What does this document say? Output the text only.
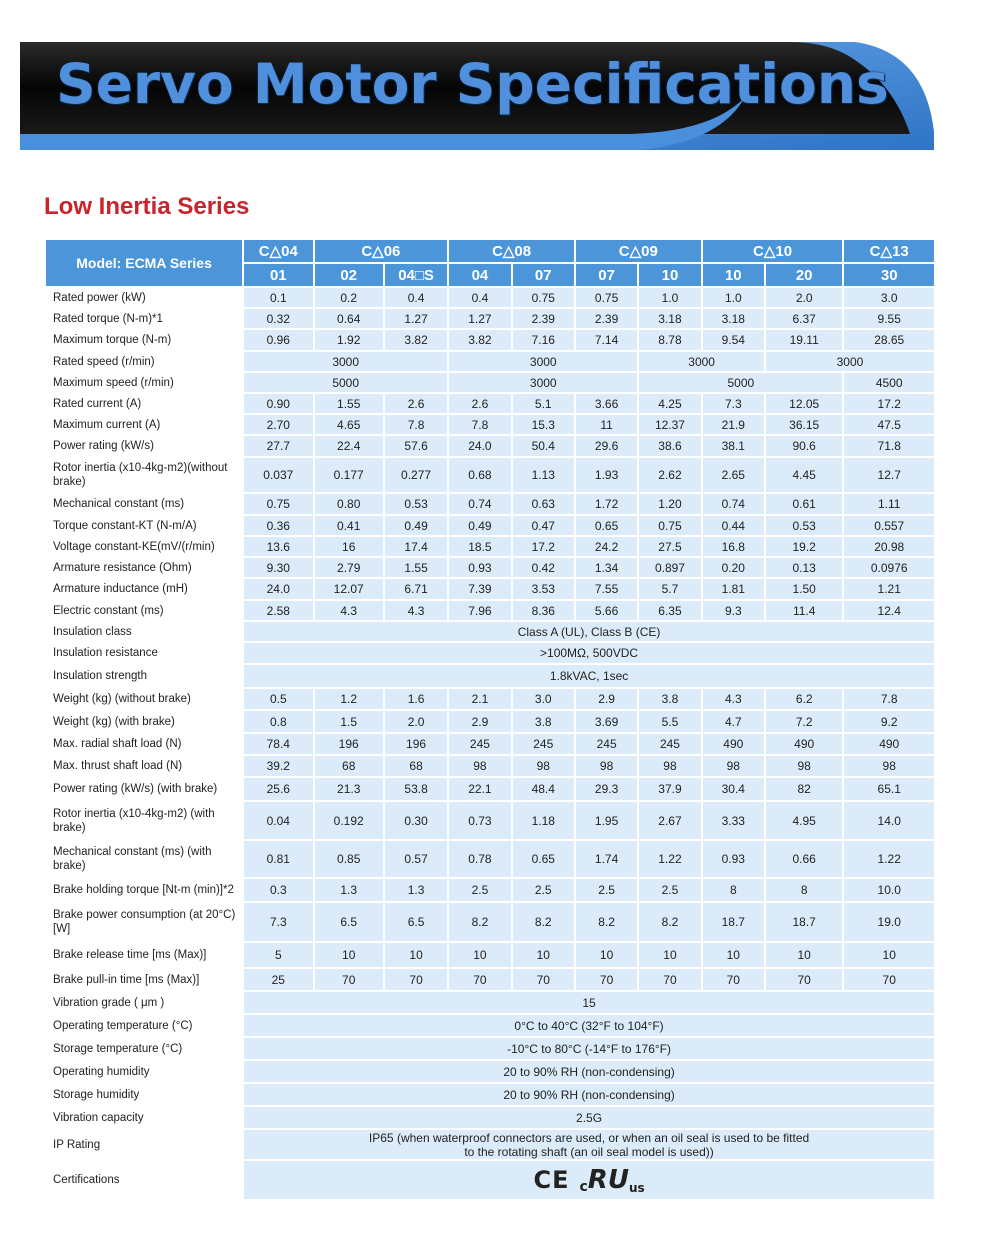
Servo Motor Specifications
Low Inertia Series
Model: ECMA Series	C△04	C△06		C△08		C△09		C△10		C△13
	01	02	04□S	04	07	07	10	10	20	30
Rated power (kW)	0.1	0.2	0.4	0.4	0.75	0.75	1.0	1.0	2.0	3.0
Rated torque (N-m)*1	0.32	0.64	1.27	1.27	2.39	2.39	3.18	3.18	6.37	9.55
Maximum torque (N-m)	0.96	1.92	3.82	3.82	7.16	7.14	8.78	9.54	19.11	28.65
Rated speed (r/min)	3000			3000			3000		3000	
Maximum speed (r/min)	5000			3000			5000			4500
Rated current (A)	0.90	1.55	2.6	2.6	5.1	3.66	4.25	7.3	12.05	17.2
Maximum current (A)	2.70	4.65	7.8	7.8	15.3	11	12.37	21.9	36.15	47.5
Power rating (kW/s)	27.7	22.4	57.6	24.0	50.4	29.6	38.6	38.1	90.6	71.8
Rotor inertia (x10-4kg-m2)(without brake)	0.037	0.177	0.277	0.68	1.13	1.93	2.62	2.65	4.45	12.7
Mechanical constant (ms)	0.75	0.80	0.53	0.74	0.63	1.72	1.20	0.74	0.61	1.11
Torque constant-KT (N-m/A)	0.36	0.41	0.49	0.49	0.47	0.65	0.75	0.44	0.53	0.557
Voltage constant-KE(mV/(r/min)	13.6	16	17.4	18.5	17.2	24.2	27.5	16.8	19.2	20.98
Armature resistance (Ohm)	9.30	2.79	1.55	0.93	0.42	1.34	0.897	0.20	0.13	0.0976
Armature inductance (mH)	24.0	12.07	6.71	7.39	3.53	7.55	5.7	1.81	1.50	1.21
Electric constant (ms)	2.58	4.3	4.3	7.96	8.36	5.66	6.35	9.3	11.4	12.4
Insulation class	Class A (UL), Class B (CE)									
Insulation resistance	>100MΩ, 500VDC									
Insulation strength	1.8kVAC, 1sec									
Weight (kg) (without brake)	0.5	1.2	1.6	2.1	3.0	2.9	3.8	4.3	6.2	7.8
Weight (kg) (with brake)	0.8	1.5	2.0	2.9	3.8	3.69	5.5	4.7	7.2	9.2
Max. radial shaft load (N)	78.4	196	196	245	245	245	245	490	490	490
Max. thrust shaft load (N)	39.2	68	68	98	98	98	98	98	98	98
Power rating (kW/s) (with brake)	25.6	21.3	53.8	22.1	48.4	29.3	37.9	30.4	82	65.1
Rotor inertia (x10-4kg-m2) (with brake)	0.04	0.192	0.30	0.73	1.18	1.95	2.67	3.33	4.95	14.0
Mechanical constant (ms) (with brake)	0.81	0.85	0.57	0.78	0.65	1.74	1.22	0.93	0.66	1.22
Brake holding torque [Nt-m (min)]*2	0.3	1.3	1.3	2.5	2.5	2.5	2.5	8	8	10.0
Brake power consumption (at 20°C) [W]	7.3	6.5	6.5	8.2	8.2	8.2	8.2	18.7	18.7	19.0
Brake release time [ms (Max)]	5	10	10	10	10	10	10	10	10	10
Brake pull-in time [ms (Max)]	25	70	70	70	70	70	70	70	70	70
Vibration grade ( μm )	15									
Operating temperature (°C)	0°C to 40°C (32°F to 104°F)									
Storage temperature (°C)	-10°C to 80°C (-14°F to 176°F)									
Operating humidity	20 to 90% RH (non-condensing)									
Storage humidity	20 to 90% RH (non-condensing)									
Vibration capacity	2.5G									
IP Rating	IP65 (when waterproof connectors are used, or when an oil seal is used to be fitted to the rotating shaft (an oil seal model is used))									
Certifications	CE c RU us									
